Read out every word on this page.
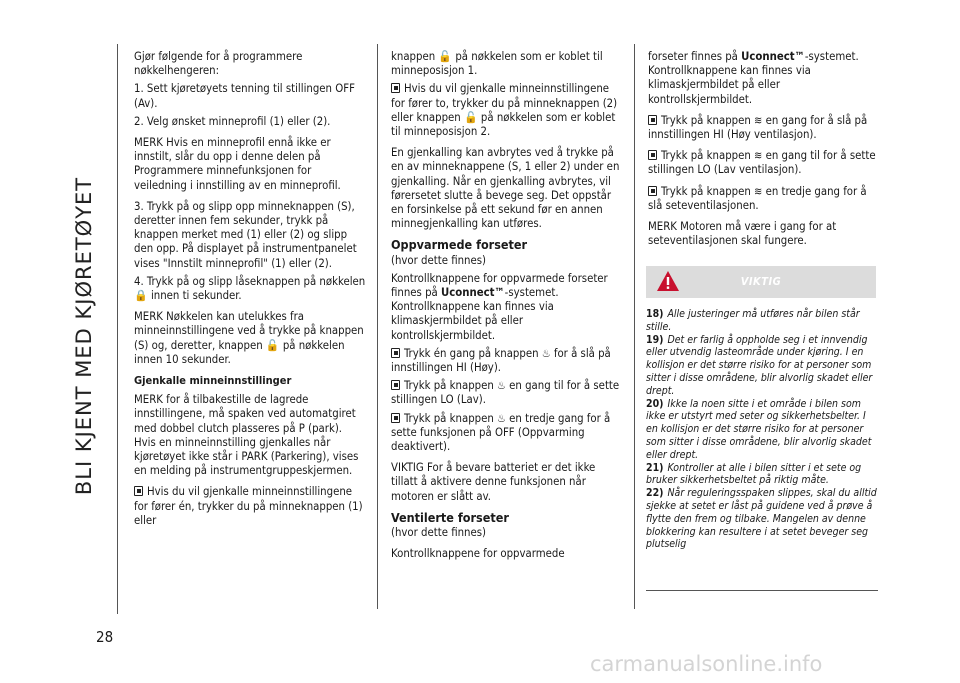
BLI KJENT MED KJØRETØYET
28

Gjør følgende for å programmere nøkkelhengeren:

1. Sett kjøretøyets tenning til stillingen OFF (Av).

2. Velg ønsket minneprofil (1) eller (2).

MERK Hvis en minneprofil ennå ikke er innstilt, slår du opp i denne delen på Programmere minnefunksjonen for veiledning i innstilling av en minneprofil.

3. Trykk på og slipp opp minneknappen (S), deretter innen fem sekunder, trykk på knappen merket med (1) eller (2) og slipp den opp. På displayet på instrumentpanelet vises "Innstilt minneprofil" (1) eller (2).

4. Trykk på og slipp låseknappen på nøkkelen 🔒 innen ti sekunder.

MERK Nøkkelen kan utelukkes fra minneinnstillingene ved å trykke på knappen (S) og, deretter, knappen 🔓 på nøkkelen innen 10 sekunder.

Gjenkalle minneinnstillinger

MERK for å tilbakestille de lagrede innstillingene, må spaken ved automatgiret med dobbel clutch plasseres på P (park). Hvis en minneinnstilling gjenkalles når kjøretøyet ikke står i PARK (Parkering), vises en melding på instrumentgruppeskjermen.

Hvis du vil gjenkalle minneinnstillingene for fører én, trykker du på minneknappen (1) eller

knappen 🔓 på nøkkelen som er koblet til minneposisjon 1.

Hvis du vil gjenkalle minneinnstillingene for fører to, trykker du på minneknappen (2) eller knappen 🔓 på nøkkelen som er koblet til minneposisjon 2.

En gjenkalling kan avbrytes ved å trykke på en av minneknappene (S, 1 eller 2) under en gjenkalling. Når en gjenkalling avbrytes, vil førersetet slutte å bevege seg. Det oppstår en forsinkelse på ett sekund før en annen minnegjenkalling kan utføres.

Oppvarmede forseter

(hvor dette finnes)

Kontrollknappene for oppvarmede forseter finnes på Uconnect™-systemet. Kontrollknappene kan finnes via klimaskjermbildet på eller kontrollskjermbildet.

Trykk én gang på knappen ♨ for å slå på innstillingen HI (Høy).

Trykk på knappen ♨ en gang til for å sette stillingen LO (Lav).

Trykk på knappen ♨ en tredje gang for å sette funksjonen på OFF (Oppvarming deaktivert).

VIKTIG For å bevare batteriet er det ikke tillatt å aktivere denne funksjonen når motoren er slått av.

Ventilerte forseter

(hvor dette finnes)

Kontrollknappene for oppvarmede

forseter finnes på Uconnect™-systemet. Kontrollknappene kan finnes via klimaskjermbildet på eller kontrollskjermbildet.

Trykk på knappen ≋ en gang for å slå på innstillingen HI (Høy ventilasjon).

Trykk på knappen ≋ en gang til for å sette stillingen LO (Lav ventilasjon).

Trykk på knappen ≋ en tredje gang for å slå seteventilasjonen.

MERK Motoren må være i gang for at seteventilasjonen skal fungere.

VIKTIG

18) Alle justeringer må utføres når bilen står stille.

19) Det er farlig å oppholde seg i et innvendig eller utvendig lasteområde under kjøring. I en kollisjon er det større risiko for at personer som sitter i disse områdene, blir alvorlig skadet eller drept.

20) Ikke la noen sitte i et område i bilen som ikke er utstyrt med seter og sikkerhetsbelter. I en kollisjon er det større risiko for at personer som sitter i disse områdene, blir alvorlig skadet eller drept.

21) Kontroller at alle i bilen sitter i et sete og bruker sikkerhetsbeltet på riktig måte.

22) Når reguleringsspaken slippes, skal du alltid sjekke at setet er låst på guidene ved å prøve å flytte den frem og tilbake. Mangelen av denne blokkering kan resultere i at setet beveger seg plutselig

carmanualsonline.info
